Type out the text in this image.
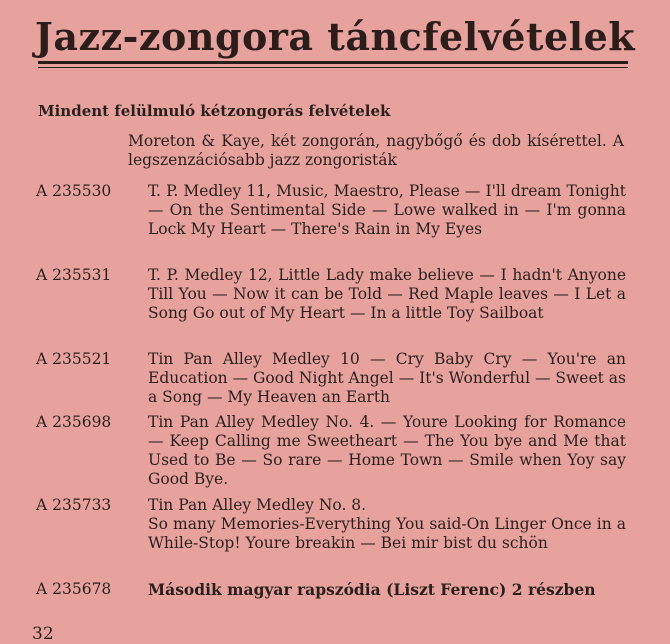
Jazz-zongora táncfelvételek
Mindent felülmuló kétzongorás felvételek
Moreton & Kaye, két zongorán, nagybőgő és dob kísérettel. A legszenzációsabb jazz zongoristák
A 235530 T. P. Medley 11, Music, Maestro, Please — I'll dream Tonight — On the Sentimental Side — Lowe walked in — I'm gonna Lock My Heart — There's Rain in My Eyes
A 235531 T. P. Medley 12, Little Lady make believe — I hadn't Anyone Till You — Now it can be Told — Red Maple leaves — I Let a Song Go out of My Heart — In a little Toy Sailboat
A 235521 Tin Pan Alley Medley 10 — Cry Baby Cry — You're an Education — Good Night Angel — It's Wonderful — Sweet as a Song — My Heaven an Earth
A 235698 Tin Pan Alley Medley No. 4. — Youre Looking for Romance — Keep Calling me Sweetheart — The You bye and Me that Used to Be — So rare — Home Town — Smile when Yoy say Good Bye.
A 235733 Tin Pan Alley Medley No. 8.
So many Memories-Everything You said-On Linger Once in a While-Stop! Youre breakin — Bei mir bist du schön
A 235678 Második magyar rapszódia (Liszt Ferenc) 2 részben
32
